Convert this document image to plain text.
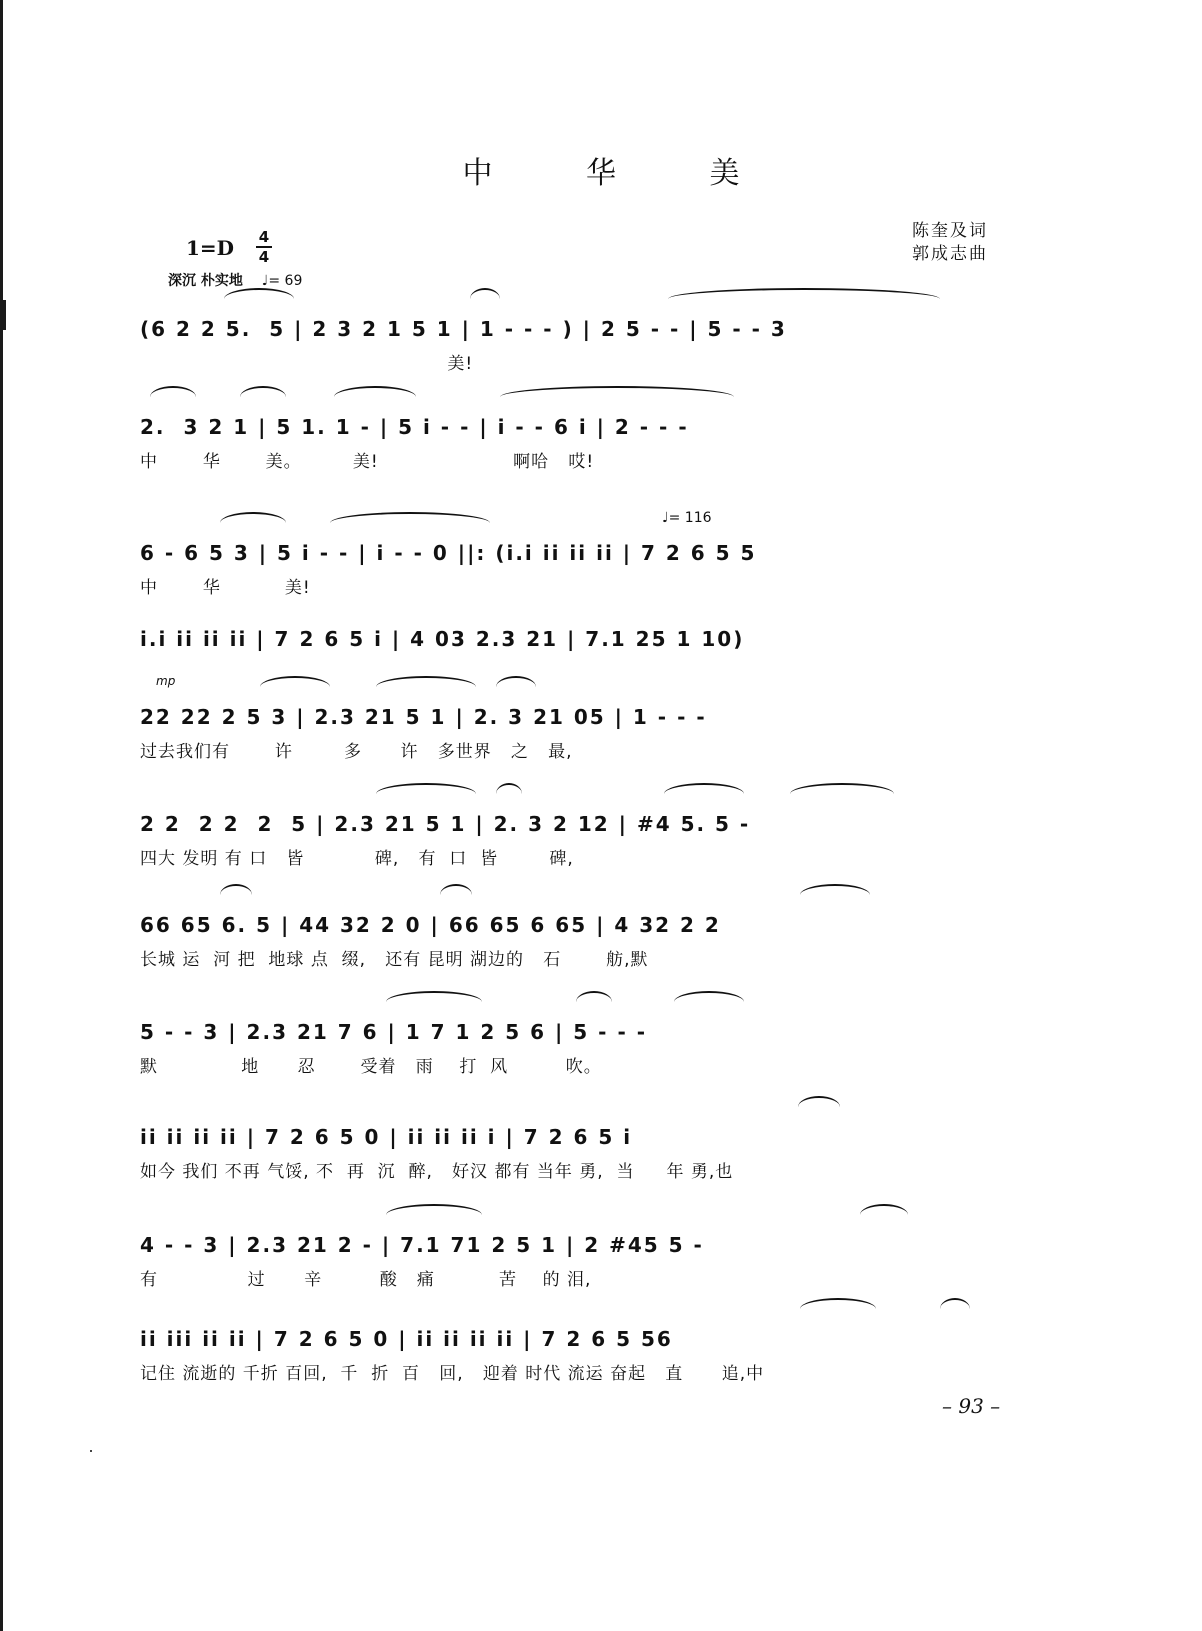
中 华 美
1=D 4
4
陈奎及词
郭成志曲
深沉 朴实地 ♩= 69
♩= 116
mp
(6 2 2 5.  5 | 2 3 2 1 5 1 | 1 - - - ) | 2 5 - - | 5 - - 3
美!
2.  3 2 1 | 5 1. 1 - | 5 i - - | i - - 6 i | 2 - - -
中       华       美。        美!                     啊哈   哎!
6 - 6 5 3 | 5 i - - | i - - 0 ||: (i.i ii ii ii | 7 2 6 5 5
中       华          美!
i.i ii ii ii | 7 2 6 5 i | 4 03 2.3 21 | 7.1 25 1 10)
22 22 2 5 3 | 2.3 21 5 1 | 2. 3 21 05 | 1 - - -
过去我们有       许        多      许   多世界   之   最,
2 2  2 2  2  5 | 2.3 21 5 1 | 2. 3 2 12 | #4 5. 5 -
四大 发明 有 口   皆           碑,   有  口  皆        碑,
66 65 6. 5 | 44 32 2 0 | 66 65 6 65 | 4 32 2 2
长城 运  河 把  地球 点  缀,   还有 昆明 湖边的   石       舫,默
5 - - 3 | 2.3 21 7 6 | 1 7 1 2 5 6 | 5 - - -
默             地      忍       受着   雨    打  风         吹。
ii ii ii ii | 7 2 6 5 0 | ii ii ii i | 7 2 6 5 i
如今 我们 不再 气馁, 不  再  沉  醉,   好汉 都有 当年 勇,  当     年 勇,也
4 - - 3 | 2.3 21 2 - | 7.1 71 2 5 1 | 2 #45 5 -
有              过      辛         酸   痛          苦    的 泪,
ii iii ii ii | 7 2 6 5 0 | ii ii ii ii | 7 2 6 5 56
记住 流逝的 千折 百回,  千  折  百   回,   迎着 时代 流运 奋起   直      追,中
– 93 –
